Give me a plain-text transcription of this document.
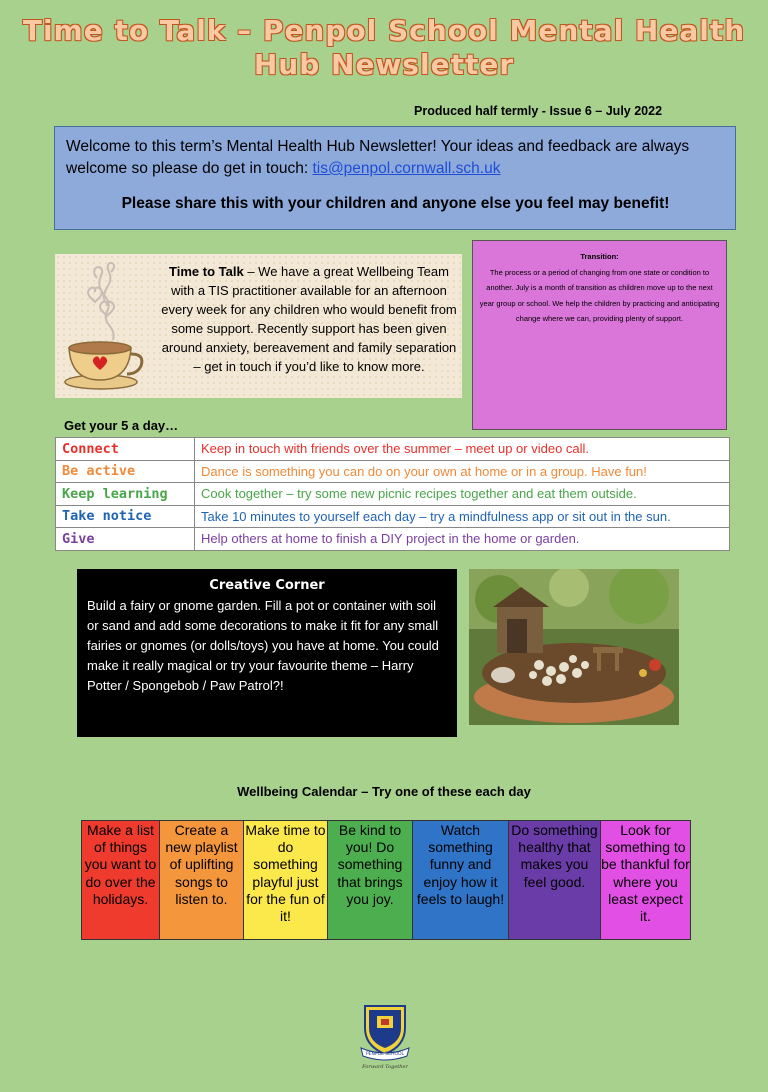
Time to Talk – Penpol School Mental Health Hub Newsletter
Produced half termly - Issue 6 – July 2022
Welcome to this term’s Mental Health Hub Newsletter! Your ideas and feedback are always welcome so please do get in touch: tis@penpol.cornwall.sch.uk
Please share this with your children and anyone else you feel may benefit!
Time to Talk – We have a great Wellbeing Team with a TIS practitioner available for an afternoon every week for any children who would benefit from some support. Recently support has been given around anxiety, bereavement and family separation – get in touch if you’d like to know more.
Transition:
The process or a period of changing from one state or condition to another. July is a month of transition as children move up to the next year group or school. We help the children by practicing and anticipating change where we can, providing plenty of support.
Get your 5 a day…
Connect	Keep in touch with friends over the summer – meet up or video call.
Be active	Dance is something you can do on your own at home or in a group. Have fun!
Keep learning	Cook together – try some new picnic recipes together and eat them outside.
Take notice	Take 10 minutes to yourself each day – try a mindfulness app or sit out in the sun.
Give	Help others at home to finish a DIY project in the home or garden.
Creative Corner
Build a fairy or gnome garden. Fill a pot or container with soil or sand and add some decorations to make it fit for any small fairies or gnomes (or dolls/toys) you have at home. You could make it really magical or try your favourite theme – Harry Potter / Spongebob / Paw Patrol?!
Wellbeing Calendar – Try one of these each day
Make a list of things you want to do over the holidays.
Create a new playlist of uplifting songs to listen to.
Make time to do something playful just for the fun of it!
Be kind to you! Do something that brings you joy.
Watch something funny and enjoy how it feels to laugh!
Do something healthy that makes you feel good.
Look for something to be thankful for where you least expect it.
PENPOL SCHOOL
Forward Together
